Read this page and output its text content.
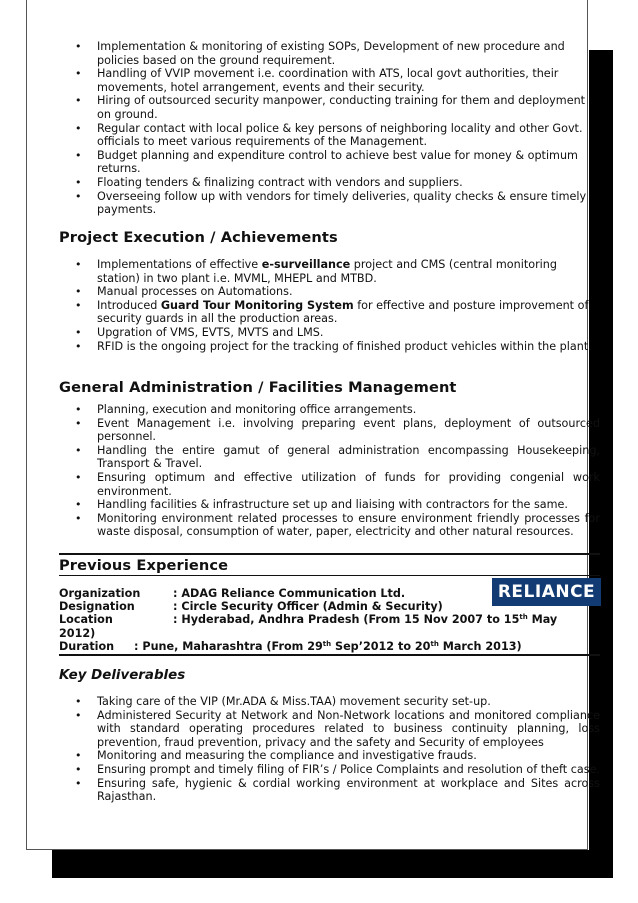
• Implementation & monitoring of existing SOPs, Development of new procedure and policies based on the ground requirement.
• Handling of VVIP movement i.e. coordination with ATS, local govt authorities, their movements, hotel arrangement, events and their security.
• Hiring of outsourced security manpower, conducting training for them and deployment on ground.
• Regular contact with local police & key persons of neighboring locality and other Govt. officials to meet various requirements of the Management.
• Budget planning and expenditure control to achieve best value for money & optimum returns.
• Floating tenders & finalizing contract with vendors and suppliers.
• Overseeing follow up with vendors for timely deliveries, quality checks & ensure timely payments.
Project Execution / Achievements
• Implementations of effective e-surveillance project and CMS (central monitoring station) in two plant i.e. MVML, MHEPL and MTBD.
• Manual processes on Automations.
• Introduced Guard Tour Monitoring System for effective and posture improvement of security guards in all the production areas.
• Upgration of VMS, EVTS, MVTS and LMS.
• RFID is the ongoing project for the tracking of finished product vehicles within the plant.
General Administration / Facilities Management
• Planning, execution and monitoring office arrangements.
• Event Management i.e. involving preparing event plans, deployment of outsourced personnel.
• Handling the entire gamut of general administration encompassing Housekeeping, Transport & Travel.
• Ensuring optimum and effective utilization of funds for providing congenial work environment.
• Handling facilities & infrastructure set up and liaising with contractors for the same.
• Monitoring environment related processes to ensure environment friendly processes for waste disposal, consumption of water, paper, electricity and other natural resources.
Previous Experience
Organization	: ADAG Reliance Communication Ltd.
Designation	: Circle Security Officer (Admin & Security)
Location	: Hyderabad, Andhra Pradesh (From 15 Nov 2007 to 15th May
2012)
Duration : Pune, Maharashtra (From 29th Sep’2012 to 20th March 2013)
RELIANCE
Key Deliverables
• Taking care of the VIP (Mr.ADA & Miss.TAA) movement security set-up.
• Administered Security at Network and Non-Network locations and monitored compliance with standard operating procedures related to business continuity planning, loss prevention, fraud prevention, privacy and the safety and Security of employees
• Monitoring and measuring the compliance and investigative frauds.
• Ensuring prompt and timely filing of FIR’s / Police Complaints and resolution of theft case.
• Ensuring safe, hygienic & cordial working environment at workplace and Sites across Rajasthan.
